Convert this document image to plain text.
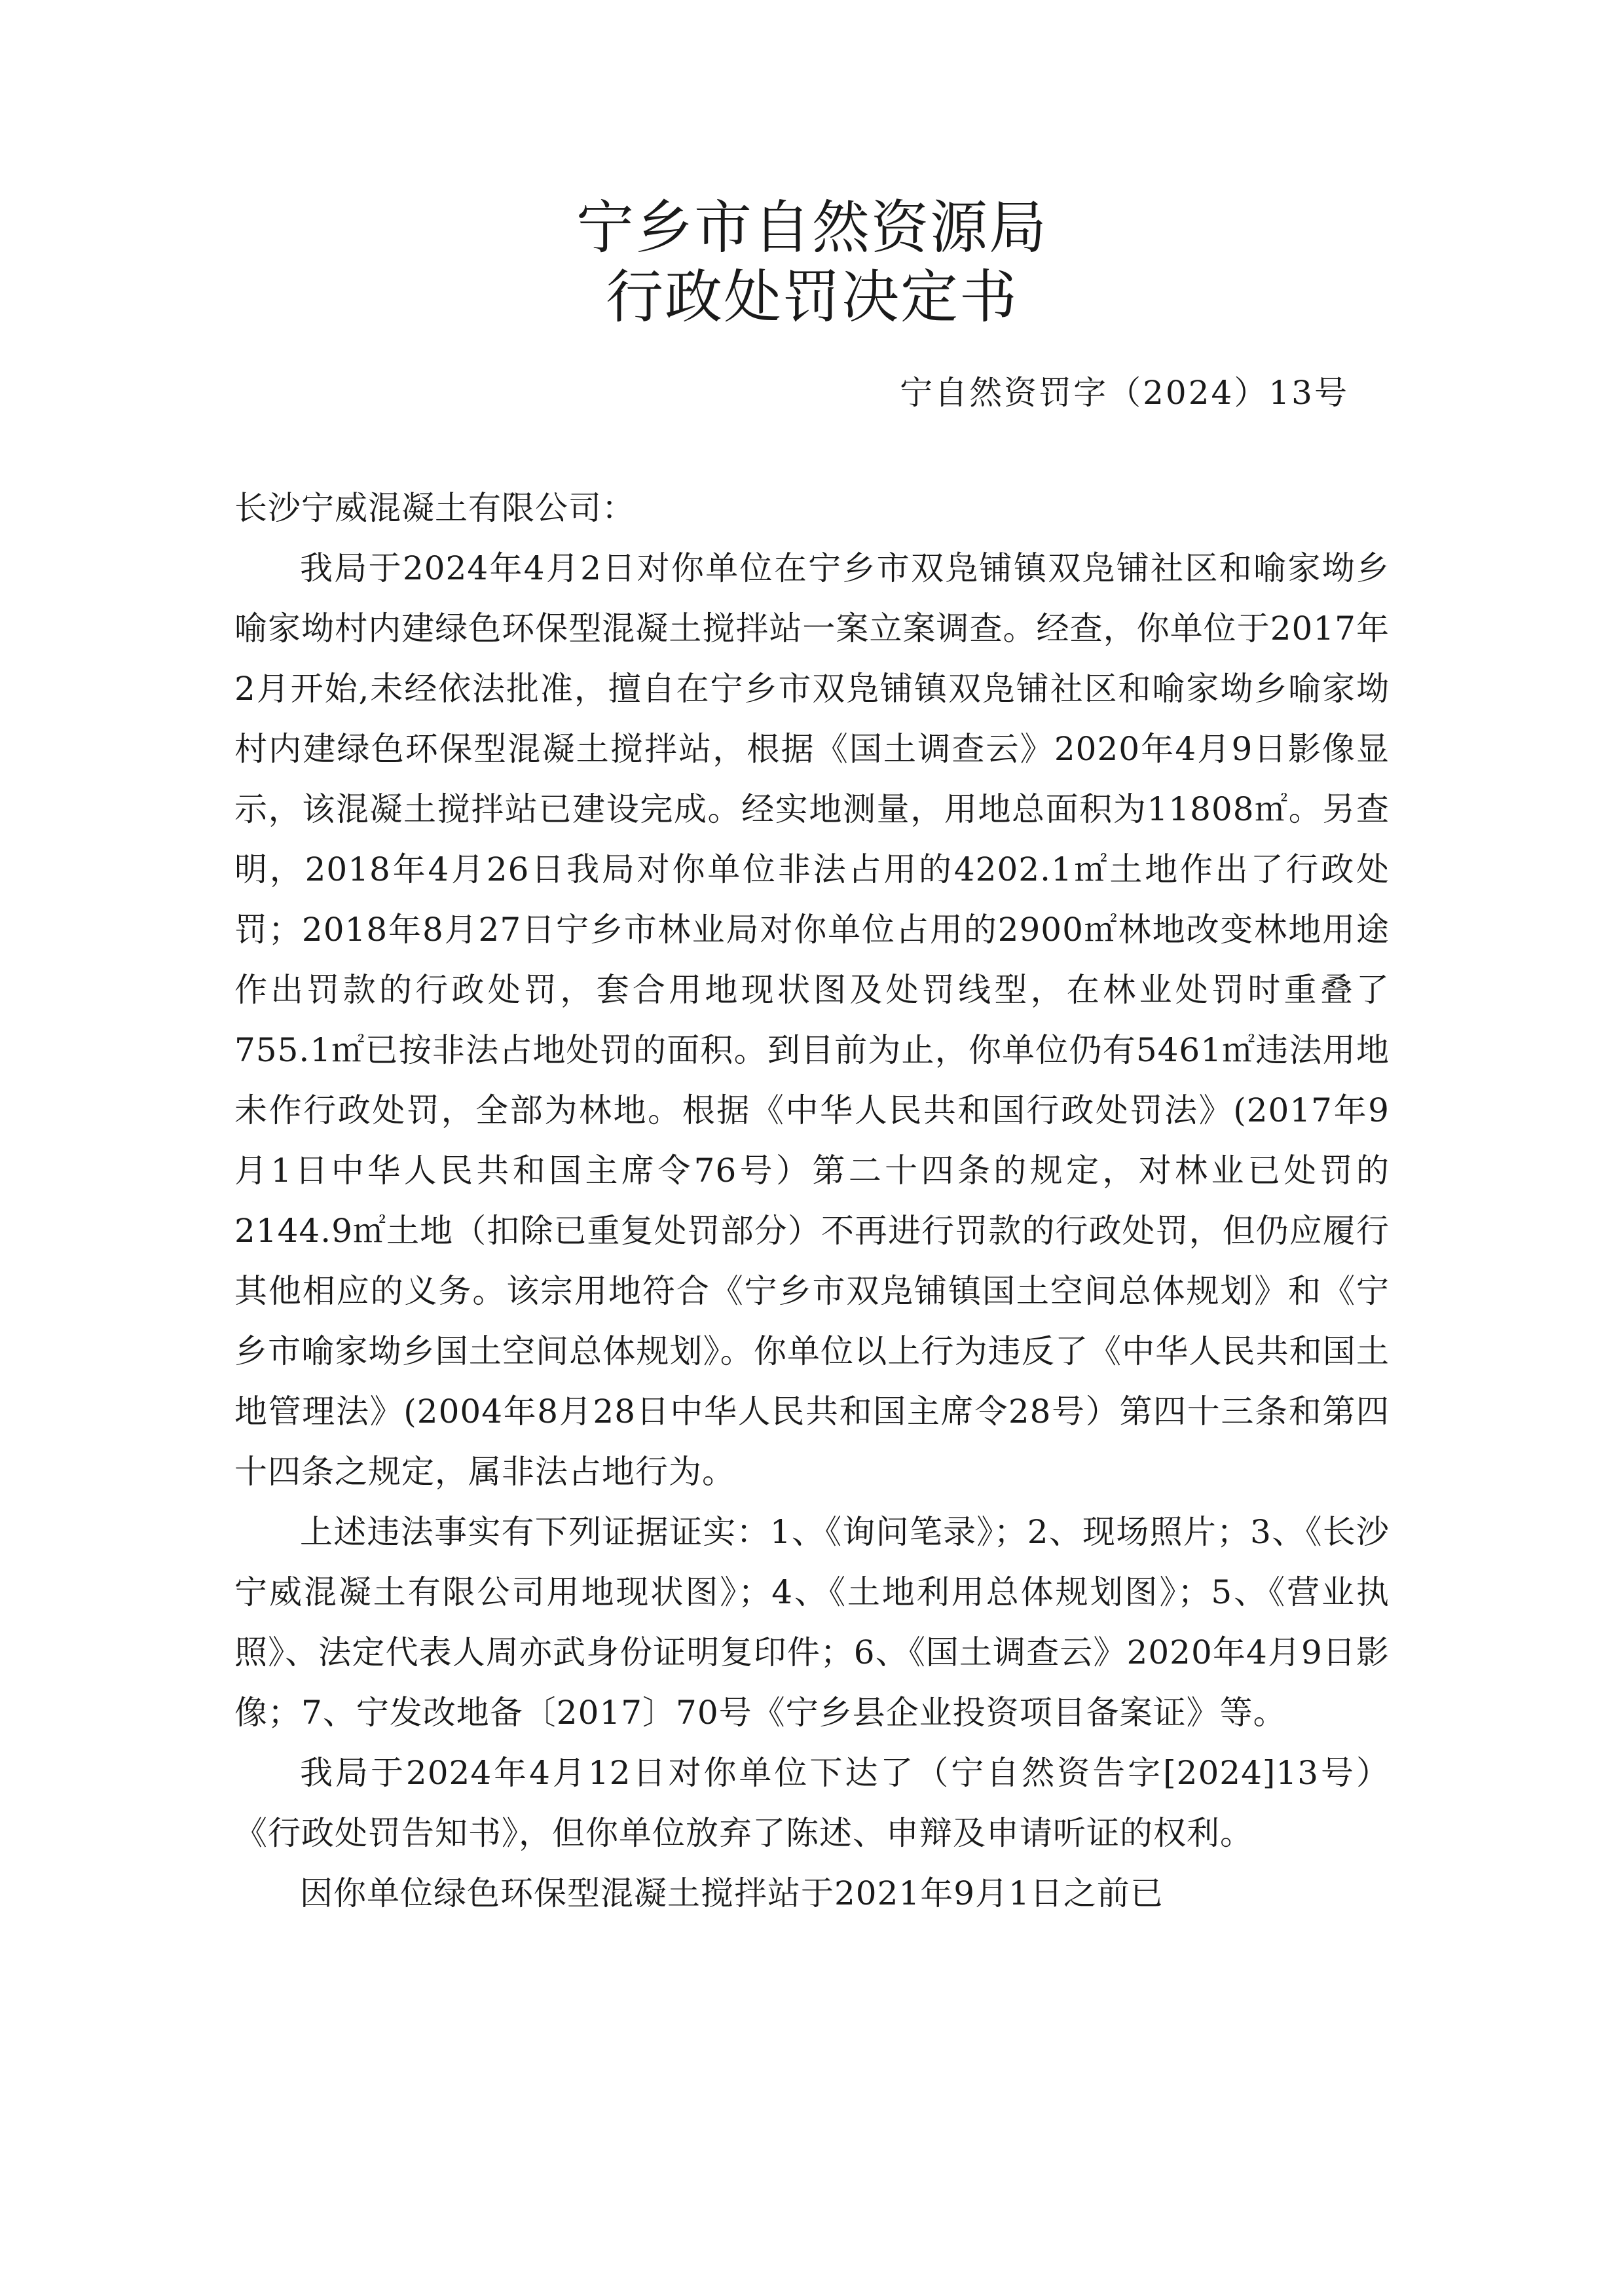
宁乡市自然资源局
行政处罚决定书
宁自然资罚字（2024）13号

长沙宁威混凝土有限公司：

我局于2024年4月2日对你单位在宁乡市双凫铺镇双凫铺社区和喻家坳乡喻家坳村内建绿色环保型混凝土搅拌站一案立案调查。经查，你单位于2017年2月开始,未经依法批准，擅自在宁乡市双凫铺镇双凫铺社区和喻家坳乡喻家坳村内建绿色环保型混凝土搅拌站，根据《国土调查云》2020年4月9日影像显示，该混凝土搅拌站已建设完成。经实地测量，用地总面积为11808㎡。另查明，2018年4月26日我局对你单位非法占用的4202.1㎡土地作出了行政处罚；2018年8月27日宁乡市林业局对你单位占用的2900㎡林地改变林地用途作出罚款的行政处罚，套合用地现状图及处罚线型，在林业处罚时重叠了755.1㎡已按非法占地处罚的面积。到目前为止，你单位仍有5461㎡违法用地未作行政处罚，全部为林地。根据《中华人民共和国行政处罚法》(2017年9月1日中华人民共和国主席令76号）第二十四条的规定，对林业已处罚的2144.9㎡土地（扣除已重复处罚部分）不再进行罚款的行政处罚，但仍应履行其他相应的义务。该宗用地符合《宁乡市双凫铺镇国土空间总体规划》和《宁乡市喻家坳乡国土空间总体规划》。你单位以上行为违反了《中华人民共和国土地管理法》(2004年8月28日中华人民共和国主席令28号）第四十三条和第四十四条之规定，属非法占地行为。

上述违法事实有下列证据证实：1、《询问笔录》；2、现场照片；3、《长沙宁威混凝土有限公司用地现状图》；4、《土地利用总体规划图》；5、《营业执照》、法定代表人周亦武身份证明复印件；6、《国土调查云》2020年4月9日影像；7、宁发改地备〔2017〕70号《宁乡县企业投资项目备案证》等。

我局于2024年4月12日对你单位下达了（宁自然资告字[2024]13号）《行政处罚告知书》，但你单位放弃了陈述、申辩及申请听证的权利。

因你单位绿色环保型混凝土搅拌站于2021年9月1日之前已
